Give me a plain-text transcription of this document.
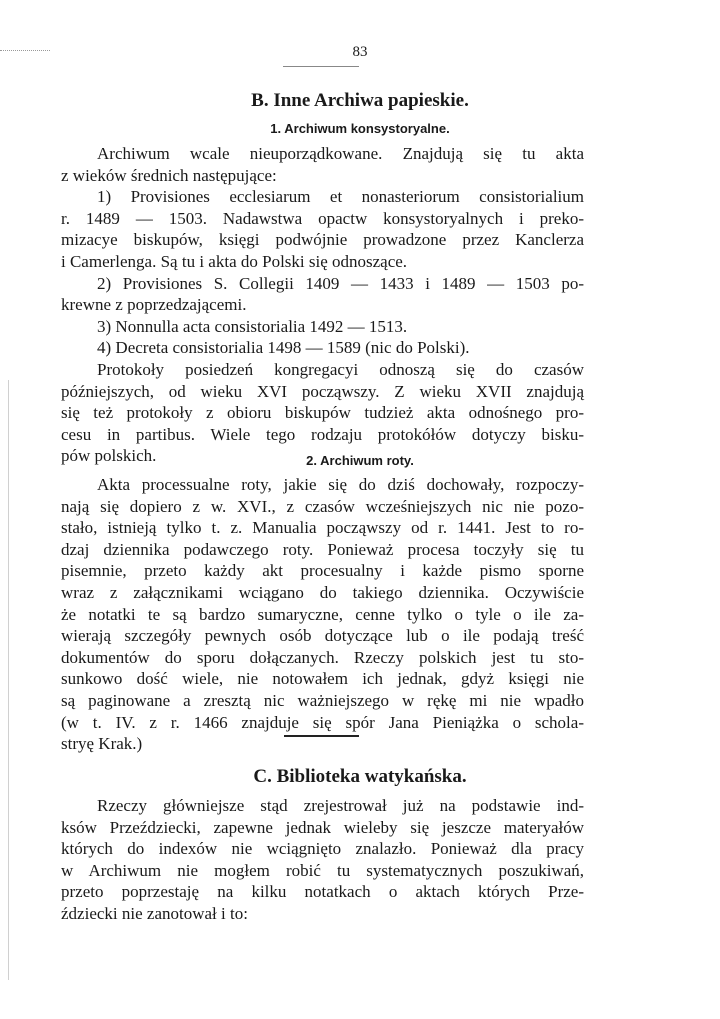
83
B. Inne Archiwa papieskie.
1. Archiwum konsystoryalne.
Archiwum wcale nieuporządkowane. Znajdują się tu akta
z wieków średnich następujące:
1) Provisiones ecclesiarum et nonasteriorum consistorialium
r. 1489 — 1503. Nadawstwa opactw konsystoryalnych i preko-
mizacye biskupów, księgi podwójnie prowadzone przez Kanclerza
i Camerlenga. Są tu i akta do Polski się odnoszące.
2) Provisiones S. Collegii 1409 — 1433 i 1489 — 1503 po-
krewne z poprzedzającemi.
3) Nonnulla acta consistorialia 1492 — 1513.
4) Decreta consistorialia 1498 — 1589 (nic do Polski).
Protokoły posiedzeń kongregacyi odnoszą się do czasów
późniejszych, od wieku XVI począwszy. Z wieku XVII znajdują
się też protokoły z obioru biskupów tudzież akta odnośnego pro-
cesu in partibus. Wiele tego rodzaju protokółów dotyczy bisku-
pów polskich.	2. Archiwum roty.
Akta processualne roty, jakie się do dziś dochowały, rozpoczy-
nają się dopiero z w. XVI., z czasów wcześniejszych nic nie pozo-
stało, istnieją tylko t. z. Manualia począwszy od r. 1441. Jest to ro-
dzaj dziennika podawczego roty. Ponieważ procesa toczyły się tu
pisemnie, przeto każdy akt procesualny i każde pismo sporne
wraz z załącznikami wciągano do takiego dziennika. Oczywiście
że notatki te są bardzo sumaryczne, cenne tylko o tyle o ile za-
wierają szczegóły pewnych osób dotyczące lub o ile podają treść
dokumentów do sporu dołączanych. Rzeczy polskich jest tu sto-
sunkowo dość wiele, nie notowałem ich jednak, gdyż księgi nie
są paginowane a zresztą nic ważniejszego w rękę mi nie wpadło
(w t. IV. z r. 1466 znajduje się spór Jana Pieniążka o schola-
stryę Krak.)
C. Biblioteka watykańska.
Rzeczy główniejsze stąd zrejestrował już na podstawie ind-
ksów Przeździecki, zapewne jednak wieleby się jeszcze materyałów
których do indexów nie wciągnięto znalazło. Ponieważ dla pracy
w Archiwum nie mogłem robić tu systematycznych poszukiwań,
przeto poprzestaję na kilku notatkach o aktach których Prze-
ździecki nie zanotował i to:
